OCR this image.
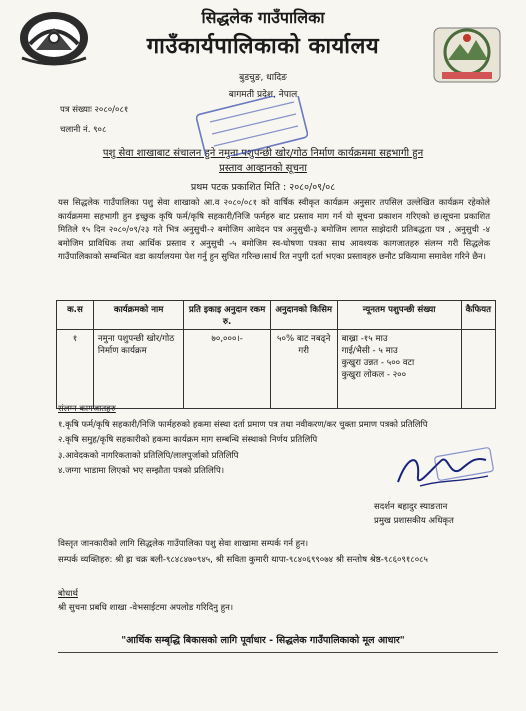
सिद्धलेक गाउँपालिका
गाउँकार्यपालिकाको कार्यालय
बुडचुङ, धादिङ
बागमती प्रदेश, नेपाल
पत्र संख्याः २०८०/०८१
चलानी नं. ९०८
पशु सेवा शाखाबाट संचालन हुने नमुना पशुपन्छी खोर/गोठ निर्माण कार्यक्रममा सहभागी हुन
प्रस्ताव आव्हानको सूचना
प्रथम पटक प्रकाशित मिति : २०८०/०९/०८
यस सिद्धलेक गाउँपालिका पशु सेवा शाखाको आ.व २०८०/०८१ को वार्षिक स्वीकृत कार्यक्रम अनुसार तपसिल उल्लेखित कार्यक्रम रहेकोले कार्यक्रममा सहभागी हुन इच्छुक कृषि फर्म/कृषि सहकारी/निजि फर्महरु बाट प्रस्ताव माग गर्न यो सूचना प्रकाशन गरिएको छ।सूचना प्रकाशित मितिले १५ दिन २०८०/०९/२३ गते भित्र अनुसुची-२ बमोजिम आवेदन पत्र अनुसुची-३ बमोजिम लागत साझेदारी प्रतिबद्धता पत्र , अनुसुची -४ बमोजिम प्राविधिक तथा आर्थिक प्रस्ताव र अनुसुची -५ बमोजिम स्व-घोषणा पत्रका साथ आवश्यक कागजातहरु संलग्न गरी सिद्धलेक गाउँपालिकाको सम्बन्धित वडा कार्यालयमा पेश गर्नु हुन सुचित गरिन्छ।सार्थ रित नपुगी दर्ता भएका प्रस्तावहरु छनौट प्रकियामा समावेश गरिने छैन।
क.स	कार्यक्रमको नाम	प्रति इकाइ अनुदान रकम रु.	अनुदानको किसिम	न्यूनतम पशुपन्छी संख्या	कैफियत
१	नमुना पशुपन्छी खोर/गोठ निर्माण कार्यक्रम	७०,०००।-	५०% बाट नबढ्ने गरी	बाख्रा -१५ माउ
गाई/भैसी - ५ माउ
कुखुरा उन्नत - ५०० वटा
कुखुरा लोकल - २००	

संलग्न कागजातहरु
१.कृषि फर्म/कृषि सहकारी/निजि फार्महरुको हकमा संस्था दर्ता प्रमाण पत्र तथा नवीकरण/कर चुक्ता प्रमाण पत्रको प्रतिलिपि
२.कृषि समुह/कृषि सहकारीको हकमा कार्यक्रम माग सम्बन्धि संस्थाको निर्णय प्रतिलिपि
३.आवेदकको नागरिकताको प्रतिलिपि/लालपुर्जाको प्रतिलिपि
४.जग्गा भाडामा लिएको भए सम्झौता पत्रको प्रतिलिपि।
सदर्शन बहादुर स्याङतान
प्रमुख प्रशासकीय अधिकृत
विस्तृत जानकारीको लागि सिद्धलेक गाउँपालिका पशु सेवा शाखामा सम्पर्क गर्न हुन।
सम्पर्क व्यक्तिहरु: श्री ह्रा चक्र बली-९८४८४७०९४५, श्री सविता कुमारी थापा-९८४०६९९०७४ श्री सन्तोष श्रेष्ठ-९८६०९१८०८५
बोधार्थ
श्री सुचना प्रबधि शाखा -वेभसाईटमा अपलोड गरिदिनु हुन।
"आर्थिक सम्बृद्धि बिकासको लागि पूर्वाधार - सिद्धलेक गाउँपालिकाको मूल आधार"
